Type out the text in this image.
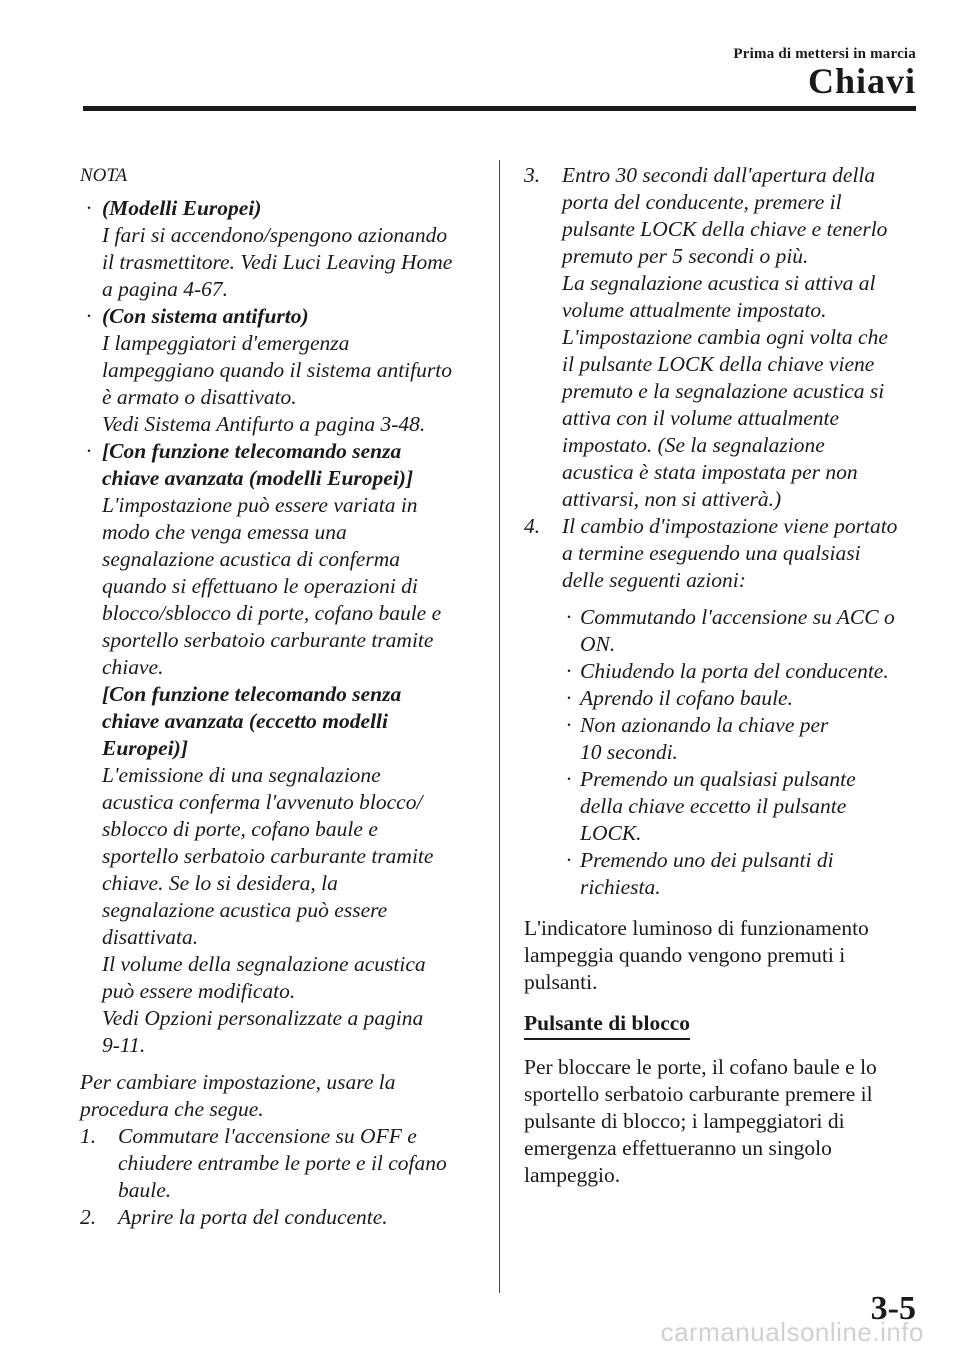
Prima di mettersi in marcia
Chiavi

NOTA

· (Modelli Europei)

I fari si accendono/spengono azionando

il trasmettitore. Vedi Luci Leaving Home

a pagina 4-67.

· (Con sistema antifurto)

I lampeggiatori d'emergenza

lampeggiano quando il sistema antifurto

è armato o disattivato.

Vedi Sistema Antifurto a pagina 3-48.

· [Con funzione telecomando senza

chiave avanzata (modelli Europei)]

L'impostazione può essere variata in

modo che venga emessa una

segnalazione acustica di conferma

quando si effettuano le operazioni di

blocco/sblocco di porte, cofano baule e

sportello serbatoio carburante tramite

chiave.

[Con funzione telecomando senza

chiave avanzata (eccetto modelli

Europei)]

L'emissione di una segnalazione

acustica conferma l'avvenuto blocco/

sblocco di porte, cofano baule e

sportello serbatoio carburante tramite

chiave. Se lo si desidera, la

segnalazione acustica può essere

disattivata.

Il volume della segnalazione acustica

può essere modificato.

Vedi Opzioni personalizzate a pagina

9-11.

Per cambiare impostazione, usare la

procedura che segue.

1. Commutare l'accensione su OFF e

chiudere entrambe le porte e il cofano

baule.

2. Aprire la porta del conducente.

3. Entro 30 secondi dall'apertura della

porta del conducente, premere il

pulsante LOCK della chiave e tenerlo

premuto per 5 secondi o più.

La segnalazione acustica si attiva al

volume attualmente impostato.

L'impostazione cambia ogni volta che

il pulsante LOCK della chiave viene

premuto e la segnalazione acustica si

attiva con il volume attualmente

impostato. (Se la segnalazione

acustica è stata impostata per non

attivarsi, non si attiverà.)

4. Il cambio d'impostazione viene portato

a termine eseguendo una qualsiasi

delle seguenti azioni:

· Commutando l'accensione su ACC o

ON.

· Chiudendo la porta del conducente.

· Aprendo il cofano baule.

· Non azionando la chiave per

10 secondi.

· Premendo un qualsiasi pulsante

della chiave eccetto il pulsante

LOCK.

· Premendo uno dei pulsanti di

richiesta.

L'indicatore luminoso di funzionamento

lampeggia quando vengono premuti i

pulsanti.

Pulsante di blocco

Per bloccare le porte, il cofano baule e lo

sportello serbatoio carburante premere il

pulsante di blocco; i lampeggiatori di

emergenza effettueranno un singolo

lampeggio.

3-5
carmanualsonline.info
